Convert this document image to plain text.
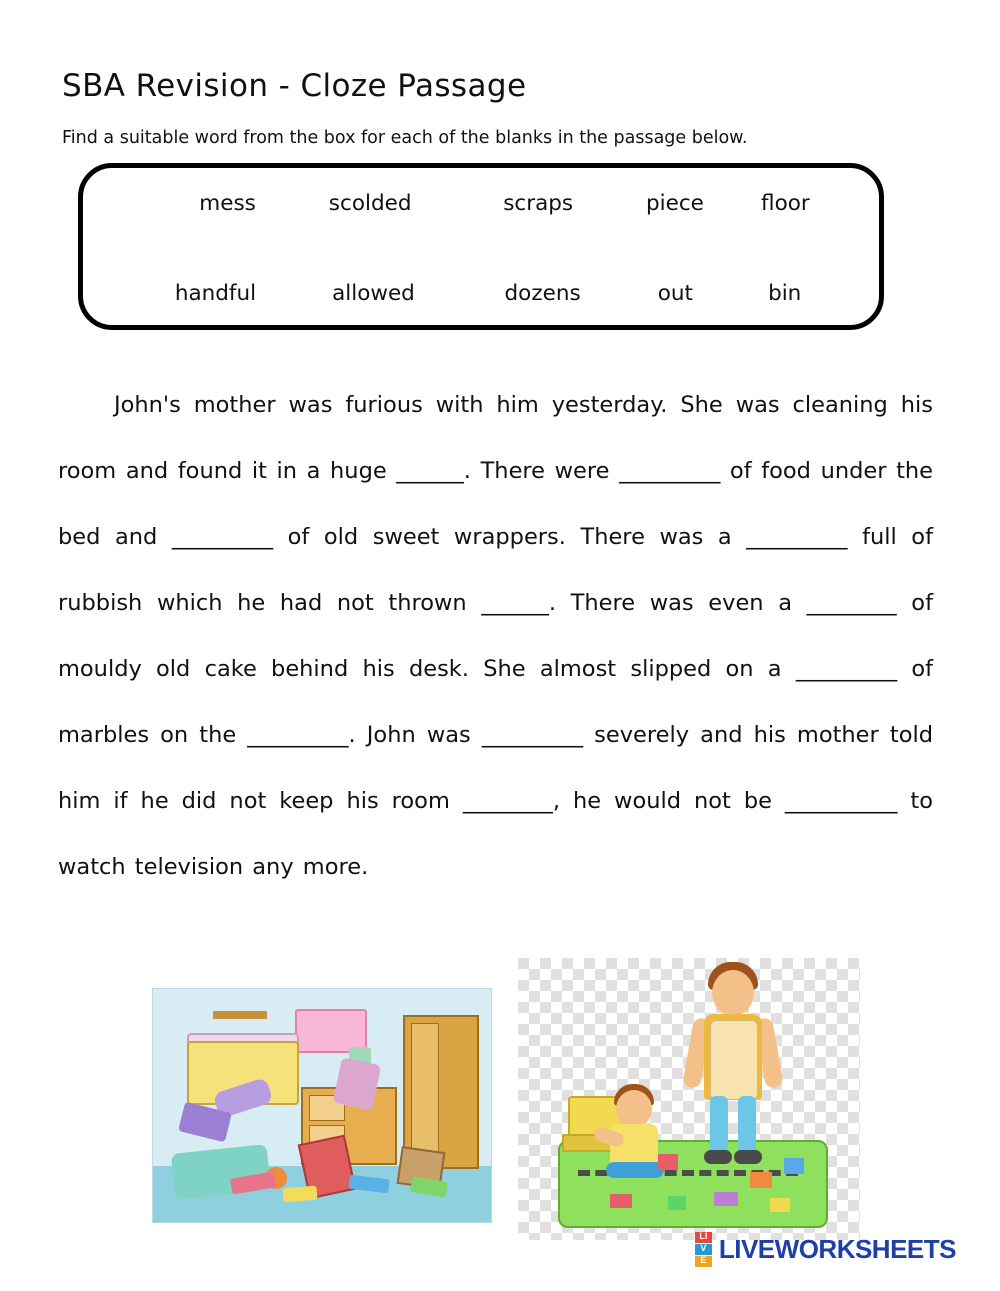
SBA Revision - Cloze Passage
Find a suitable word from the box for each of the blanks in the passage below.
mess	scolded	scraps	piece	floor
handful	allowed	dozens	out	bin
John's mother was furious with him yesterday. She was cleaning his room and found it in a huge ______. There were _________ of food under the bed and _________ of old sweet wrappers. There was a _________ full of rubbish which he had not thrown ______. There was even a ________ of mouldy old cake behind his desk. She almost slipped on a _________ of marbles on the _________. John was _________ severely and his mother told him if he did not keep his room ________, he would not be __________ to watch television any more.
LI
V
E LIVEWORKSHEETS
